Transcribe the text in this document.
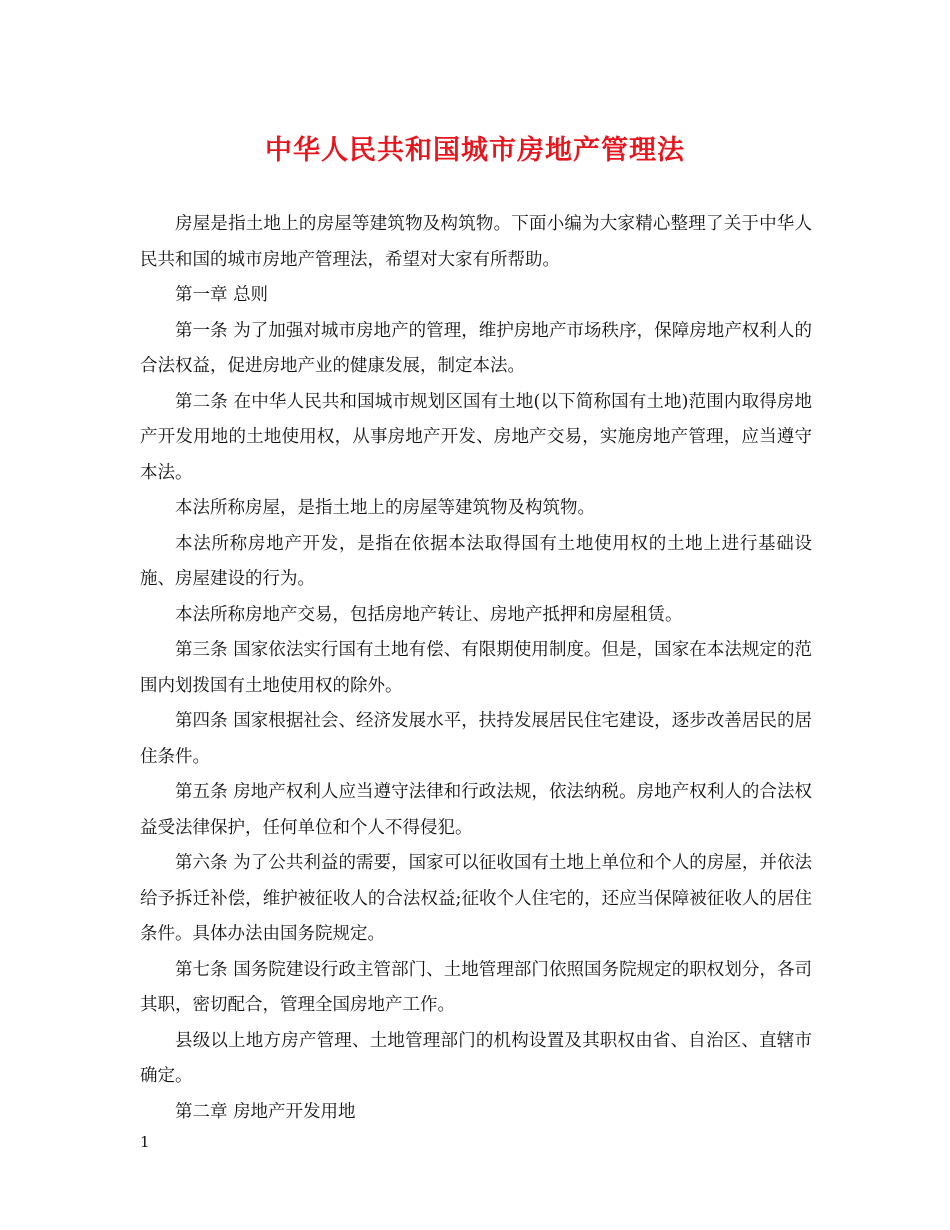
中华人民共和国城市房地产管理法

房屋是指土地上的房屋等建筑物及构筑物。下面小编为大家精心整理了关于中华人民共和国的城市房地产管理法，希望对大家有所帮助。

第一章 总则

第一条 为了加强对城市房地产的管理，维护房地产市场秩序，保障房地产权利人的合法权益，促进房地产业的健康发展，制定本法。

第二条 在中华人民共和国城市规划区国有土地(以下简称国有土地)范围内取得房地产开发用地的土地使用权，从事房地产开发、房地产交易，实施房地产管理，应当遵守本法。

本法所称房屋，是指土地上的房屋等建筑物及构筑物。

本法所称房地产开发，是指在依据本法取得国有土地使用权的土地上进行基础设施、房屋建设的行为。

本法所称房地产交易，包括房地产转让、房地产抵押和房屋租赁。

第三条 国家依法实行国有土地有偿、有限期使用制度。但是，国家在本法规定的范围内划拨国有土地使用权的除外。

第四条 国家根据社会、经济发展水平，扶持发展居民住宅建设，逐步改善居民的居住条件。

第五条 房地产权利人应当遵守法律和行政法规，依法纳税。房地产权利人的合法权益受法律保护，任何单位和个人不得侵犯。

第六条 为了公共利益的需要，国家可以征收国有土地上单位和个人的房屋，并依法给予拆迁补偿，维护被征收人的合法权益;征收个人住宅的，还应当保障被征收人的居住条件。具体办法由国务院规定。

第七条 国务院建设行政主管部门、土地管理部门依照国务院规定的职权划分，各司其职，密切配合，管理全国房地产工作。

县级以上地方房产管理、土地管理部门的机构设置及其职权由省、自治区、直辖市确定。

第二章 房地产开发用地

1
